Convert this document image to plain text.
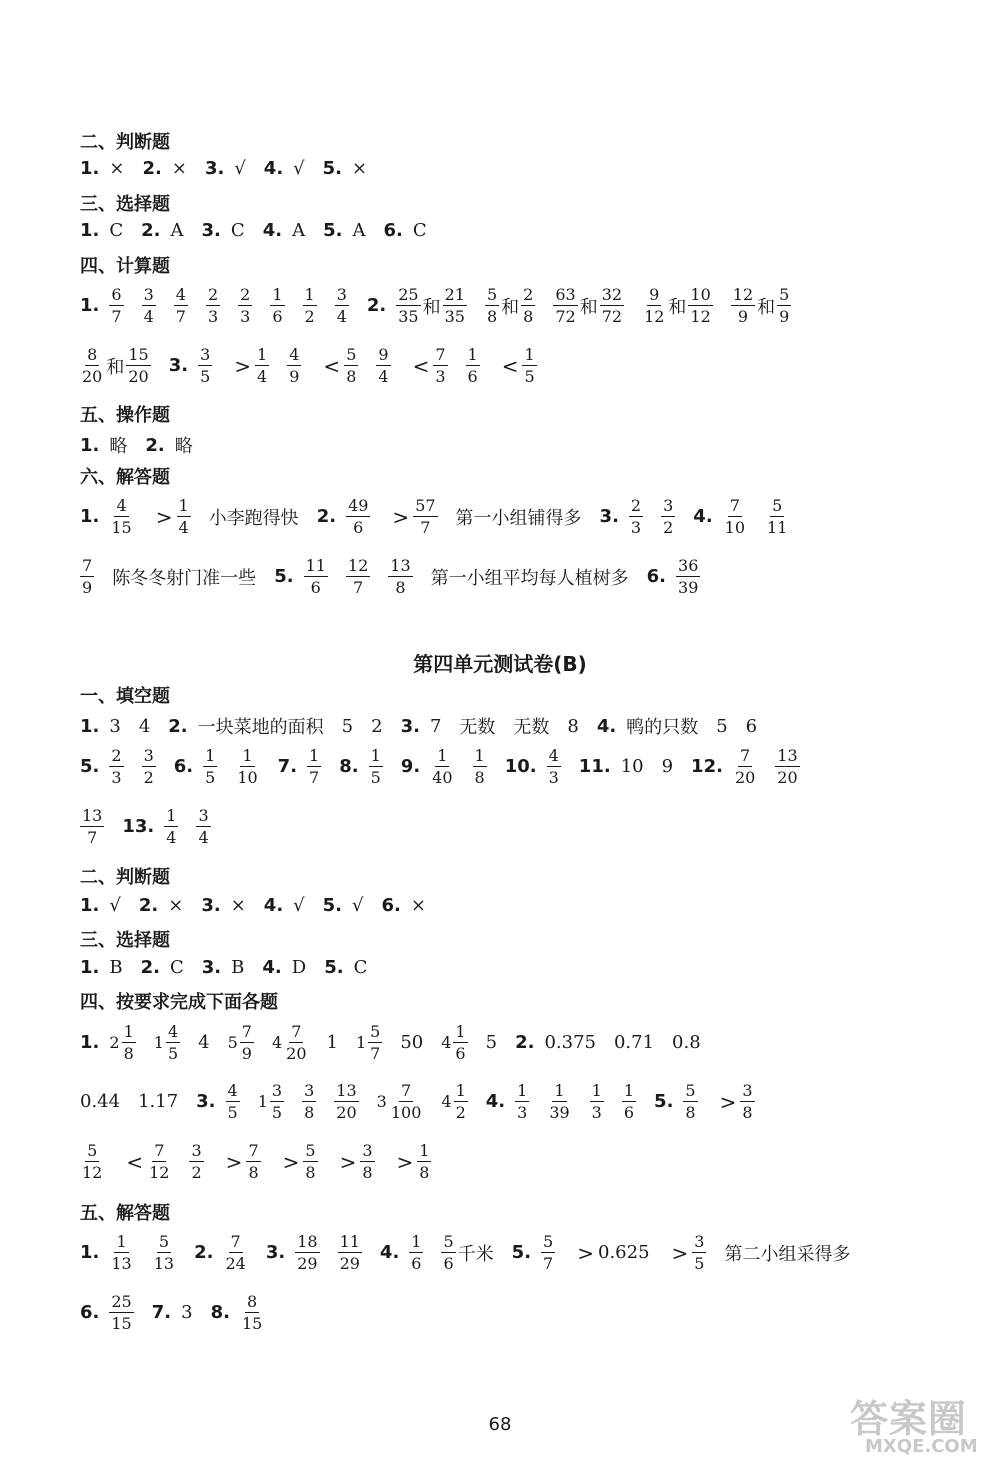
二、判断题
1. × 2. × 3. √ 4. √ 5. ×
三、选择题
1. C 2. A 3. C 4. A 5. A 6. C
四、计算题
1. $\frac{6}{7} \frac{3}{4} \frac{4}{7} \frac{2}{3} \frac{2}{3} \frac{1}{6} \frac{1}{2} \frac{3}{4} 2$. $\frac{25}{35}$ 和 $\frac{21}{35} \frac{5}{8}$ 和 $\frac{2}{8} \frac{63}{72}$ 和 $\frac{32}{72} \frac{9}{12}$ 和 $\frac{10}{12} \frac{12}{9}$ 和 $\frac{5}{9}$
$\frac{8}{20}$ 和 $\frac{15}{20} 3$. $\frac{3}{5} > \frac{1}{4} \frac{4}{9} < \frac{5}{8} \frac{9}{4} < \frac{7}{3} \frac{1}{6} < \frac{1}{5}$
五、操作题
1. 略 2. 略
六、解答题
1. $\frac{4}{15} > \frac{1}{4}$ 小李跑得快 2. $\frac{49}{6} > \frac{57}{7}$ 第一小组铺得多 3. $\frac{2}{3} \frac{3}{2} 4$. $\frac{7}{10} \frac{5}{11}$
$\frac{7}{9}$ 陈冬冬射门准一些 5. $\frac{11}{6} \frac{12}{7} \frac{13}{8}$ 第一小组平均每人植树多 6. $\frac{36}{39}$
第四单元测试卷(B)
一、填空题
1. 3 4 2. 一块菜地的面积 5 2 3. 7 无数 无数 8 4. 鸭的只数 5 6
5. $\frac{2}{3} \frac{3}{2} 6$. $\frac{1}{5} \frac{1}{10} 7$. $\frac{1}{7} 8$. $\frac{1}{5} 9$. $\frac{1}{40} \frac{1}{8} 10$. $\frac{4}{3} 11$. 10 9 12. $\frac{7}{20} \frac{13}{20}$
$\frac{13}{7} 13$. $\frac{1}{4} \frac{3}{4}$
二、判断题
1. √ 2. × 3. × 4. √ 5. √ 6. ×
三、选择题
1. B 2. C 3. B 4. D 5. C
四、按要求完成下面各题
1. $2 \frac{1}{8} 1 \frac{4}{5} 4$ $5 \frac{7}{9} 4 \frac{7}{20} 1$ $1 \frac{5}{7} 50$ $4 \frac{1}{6} 5$ 2. 0.375 0.71 0.8
0.44 1.17 3. $\frac{4}{5} 1 \frac{3}{5} \frac{3}{8} \frac{13}{20} 3 \frac{7}{100} 4 \frac{1}{2} 4$. $\frac{1}{3} \frac{1}{39} \frac{1}{3} \frac{1}{6} 5$. $\frac{5}{8} > \frac{3}{8}$
$\frac{5}{12} < \frac{7}{12} \frac{3}{2} > \frac{7}{8} > \frac{5}{8} > \frac{3}{8} > \frac{1}{8}$
五、解答题
1. $\frac{1}{13} \frac{5}{13} 2$. $\frac{7}{24} 3$. $\frac{18}{29} \frac{11}{29} 4$. $\frac{1}{6} \frac{5}{6}$ 千米 5. $\frac{5}{7} > 0.625 > \frac{3}{5}$ 第二小组采得多
6. $\frac{25}{15} 7$. 3 8. $\frac{8}{15}$
68	答案圈
MXQE.COM
